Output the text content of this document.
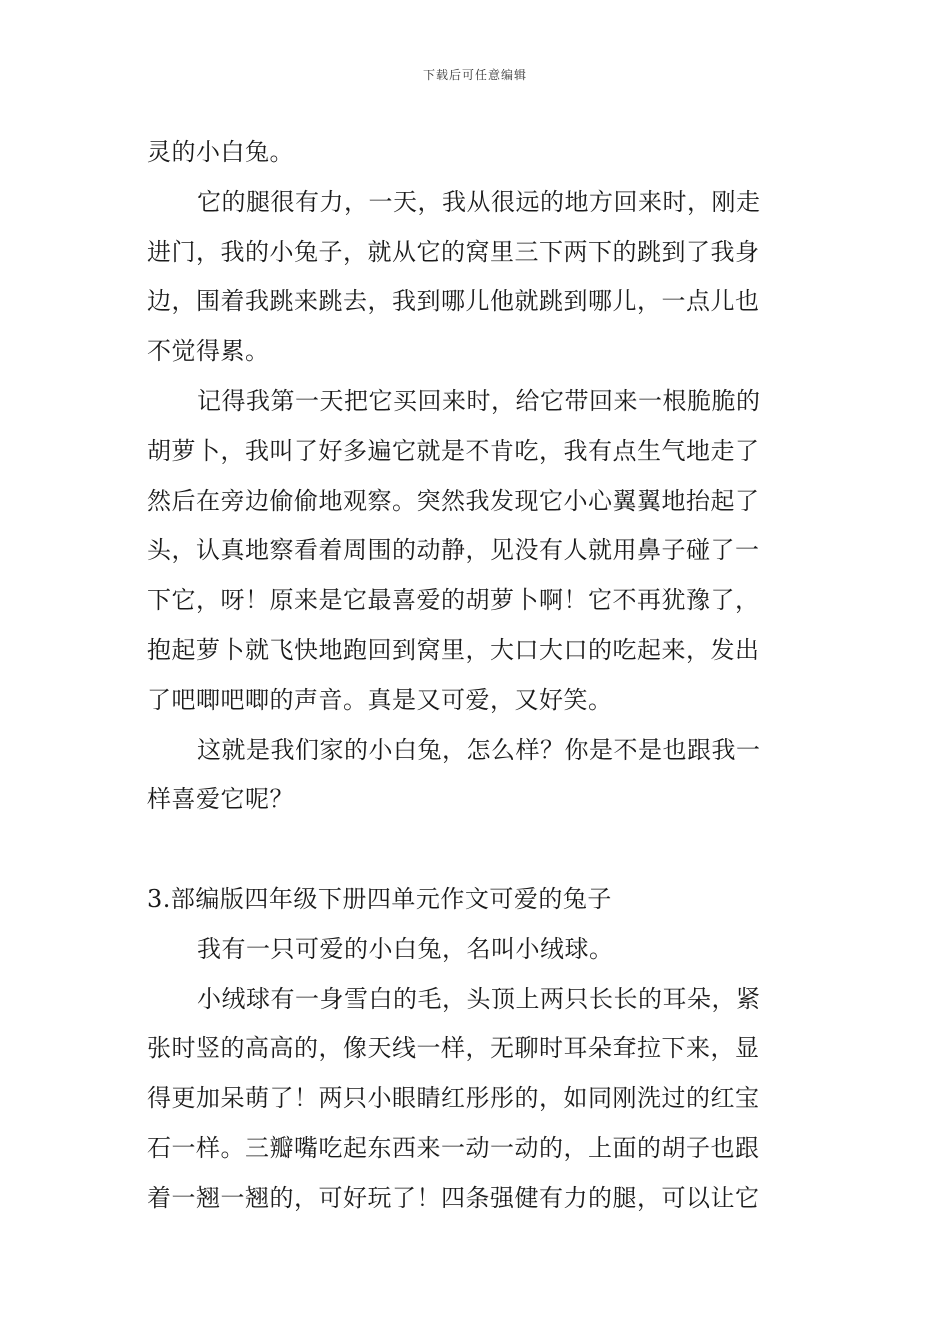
下载后可任意编辑
灵的小白兔。
它的腿很有力，一天，我从很远的地方回来时，刚走
进门，我的小兔子，就从它的窝里三下两下的跳到了我身
边，围着我跳来跳去，我到哪儿他就跳到哪儿，一点儿也
不觉得累。
记得我第一天把它买回来时，给它带回来一根脆脆的
胡萝卜，我叫了好多遍它就是不肯吃，我有点生气地走了
然后在旁边偷偷地观察。突然我发现它小心翼翼地抬起了
头，认真地察看着周围的动静，见没有人就用鼻子碰了一
下它，呀！原来是它最喜爱的胡萝卜啊！它不再犹豫了，
抱起萝卜就飞快地跑回到窝里，大口大口的吃起来，发出
了吧唧吧唧的声音。真是又可爱，又好笑。
这就是我们家的小白兔，怎么样？你是不是也跟我一
样喜爱它呢？
3.部编版四年级下册四单元作文可爱的兔子
我有一只可爱的小白兔，名叫小绒球。
小绒球有一身雪白的毛，头顶上两只长长的耳朵，紧
张时竖的高高的，像天线一样，无聊时耳朵耷拉下来，显
得更加呆萌了！两只小眼睛红彤彤的，如同刚洗过的红宝
石一样。三瓣嘴吃起东西来一动一动的，上面的胡子也跟
着一翘一翘的，可好玩了！四条强健有力的腿，可以让它
